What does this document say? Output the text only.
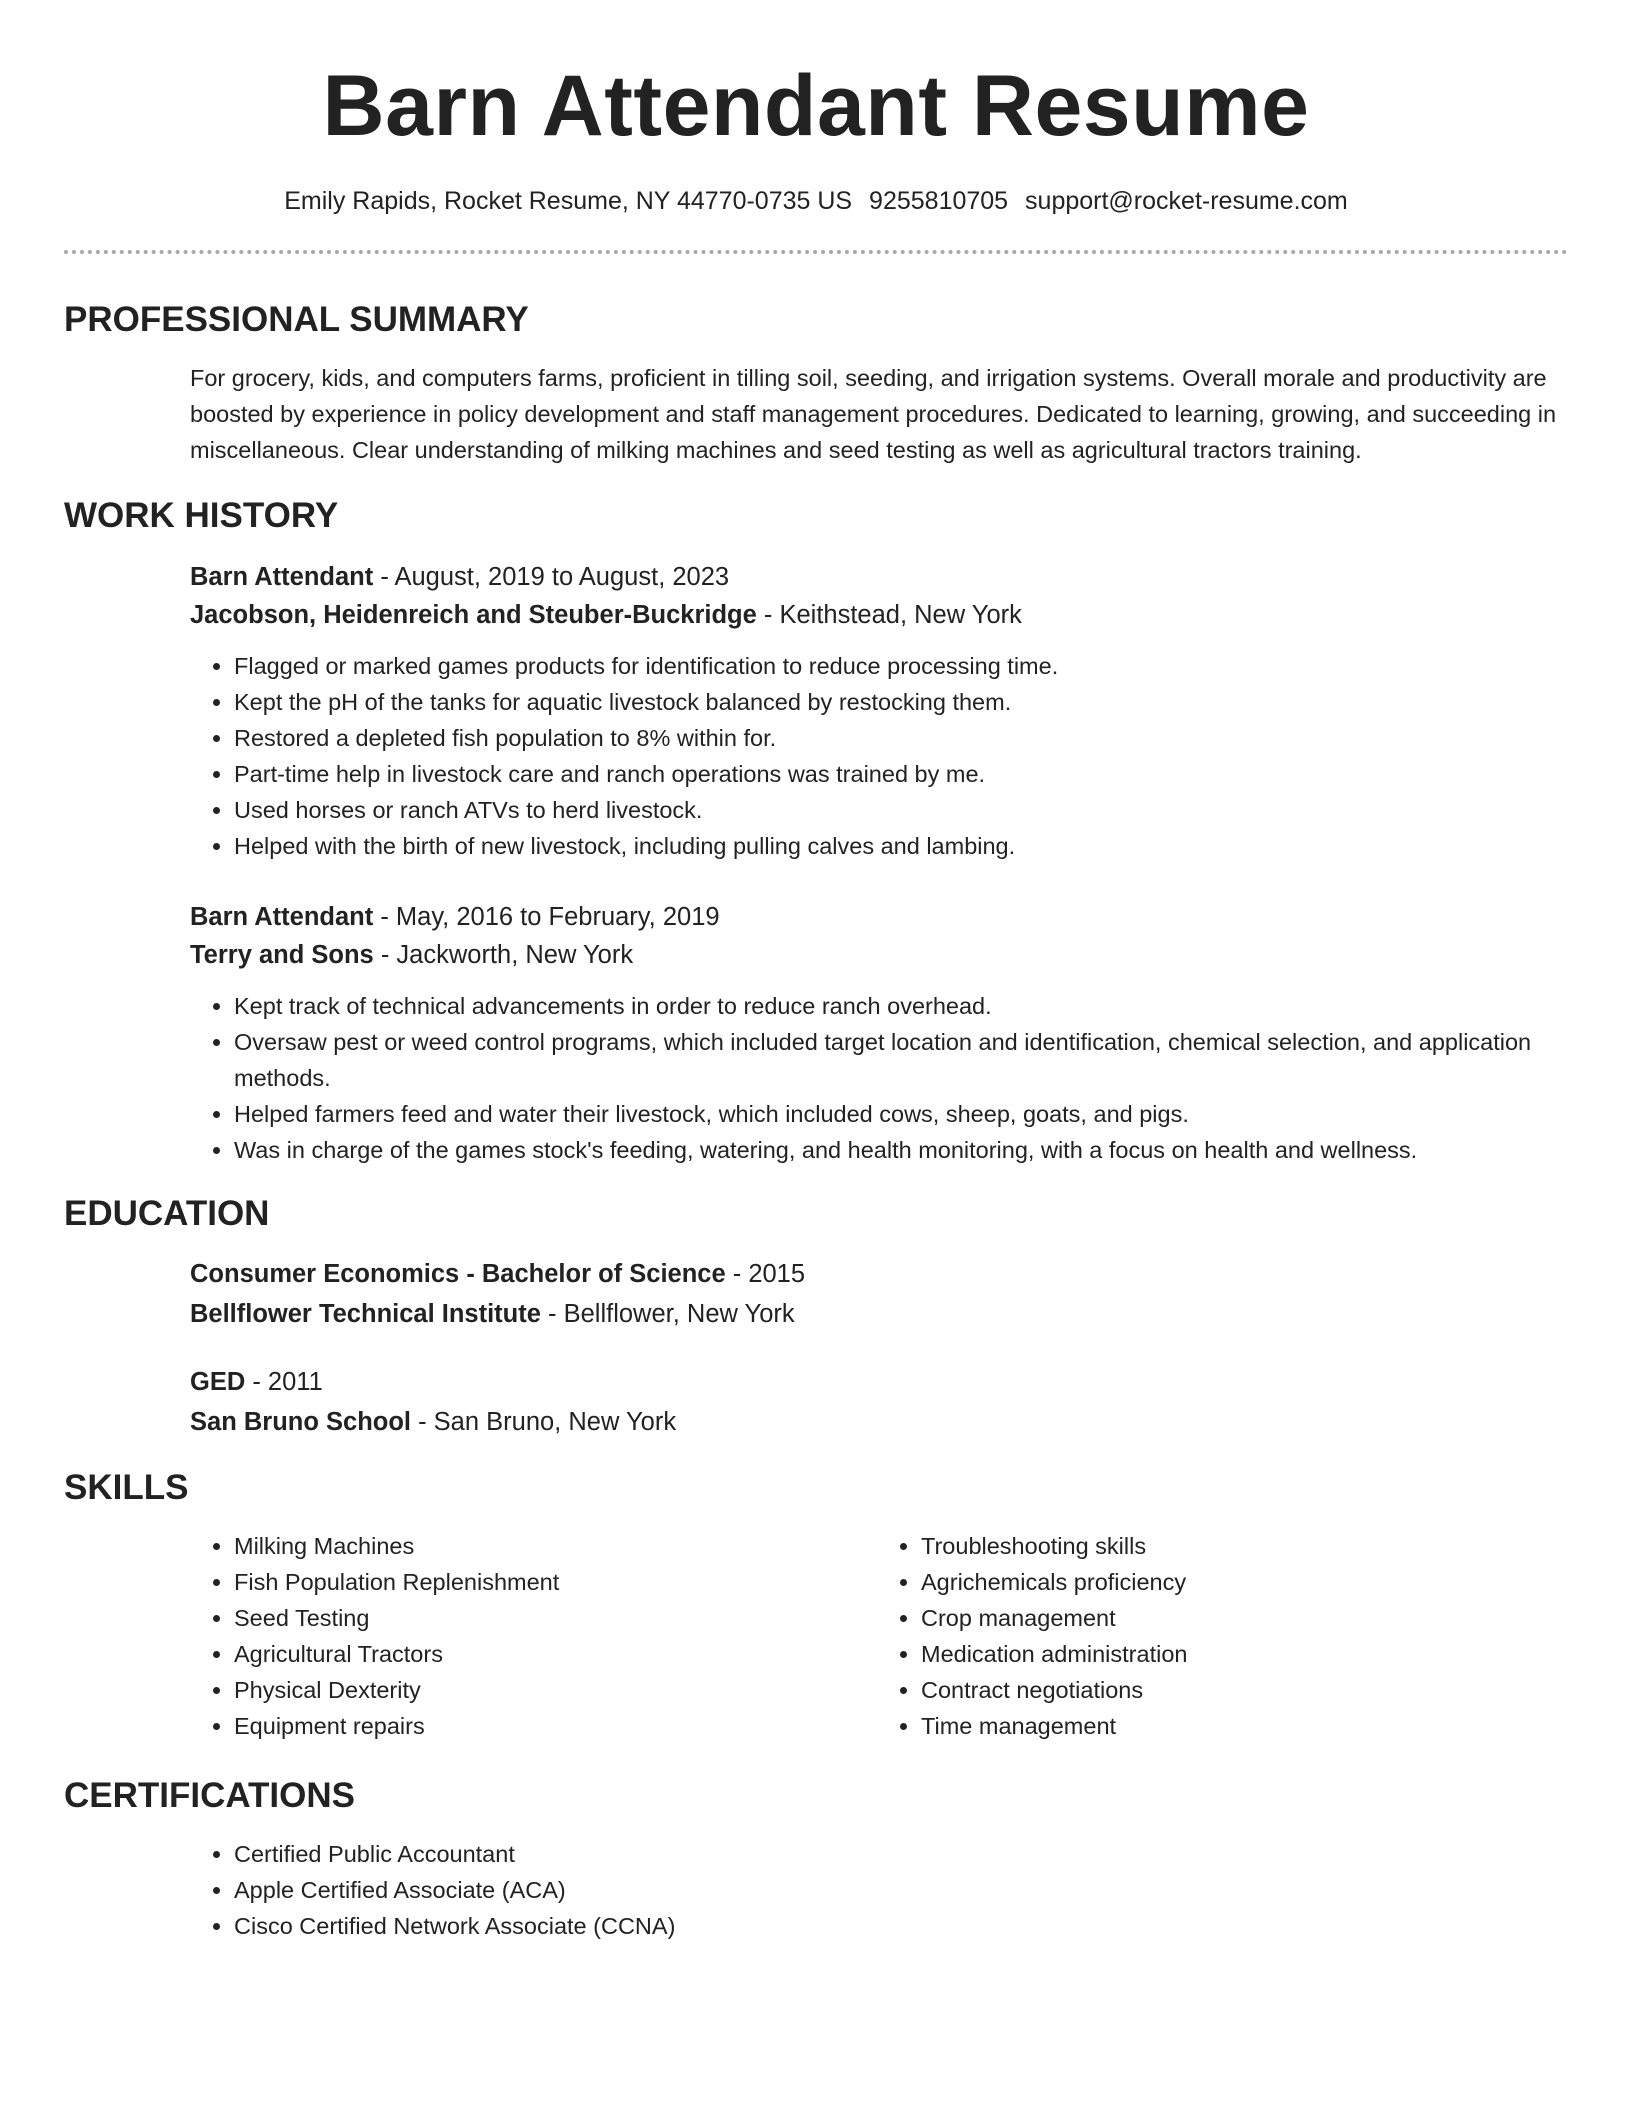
Barn Attendant Resume
Emily Rapids, Rocket Resume, NY 44770-0735 US 9255810705 support@rocket-resume.com
PROFESSIONAL SUMMARY

For grocery, kids, and computers farms, proficient in tilling soil, seeding, and irrigation systems. Overall morale and productivity are boosted by experience in policy development and staff management procedures. Dedicated to learning, growing, and succeeding in miscellaneous. Clear understanding of milking machines and seed testing as well as agricultural tractors training.

WORK HISTORY
Barn Attendant - August, 2019 to August, 2023
Jacobson, Heidenreich and Steuber-Buckridge - Keithstead, New York
• Flagged or marked games products for identification to reduce processing time.
• Kept the pH of the tanks for aquatic livestock balanced by restocking them.
• Restored a depleted fish population to 8% within for.
• Part-time help in livestock care and ranch operations was trained by me.
• Used horses or ranch ATVs to herd livestock.
• Helped with the birth of new livestock, including pulling calves and lambing.
Barn Attendant - May, 2016 to February, 2019
Terry and Sons - Jackworth, New York
• Kept track of technical advancements in order to reduce ranch overhead.
• Oversaw pest or weed control programs, which included target location and identification, chemical selection, and application methods.
• Helped farmers feed and water their livestock, which included cows, sheep, goats, and pigs.
• Was in charge of the games stock's feeding, watering, and health monitoring, with a focus on health and wellness.
EDUCATION
Consumer Economics - Bachelor of Science - 2015
Bellflower Technical Institute - Bellflower, New York
GED - 2011
San Bruno School - San Bruno, New York
SKILLS
• Milking Machines
• Fish Population Replenishment
• Seed Testing
• Agricultural Tractors
• Physical Dexterity
• Equipment repairs
• Troubleshooting skills
• Agrichemicals proficiency
• Crop management
• Medication administration
• Contract negotiations
• Time management
CERTIFICATIONS
• Certified Public Accountant
• Apple Certified Associate (ACA)
• Cisco Certified Network Associate (CCNA)
